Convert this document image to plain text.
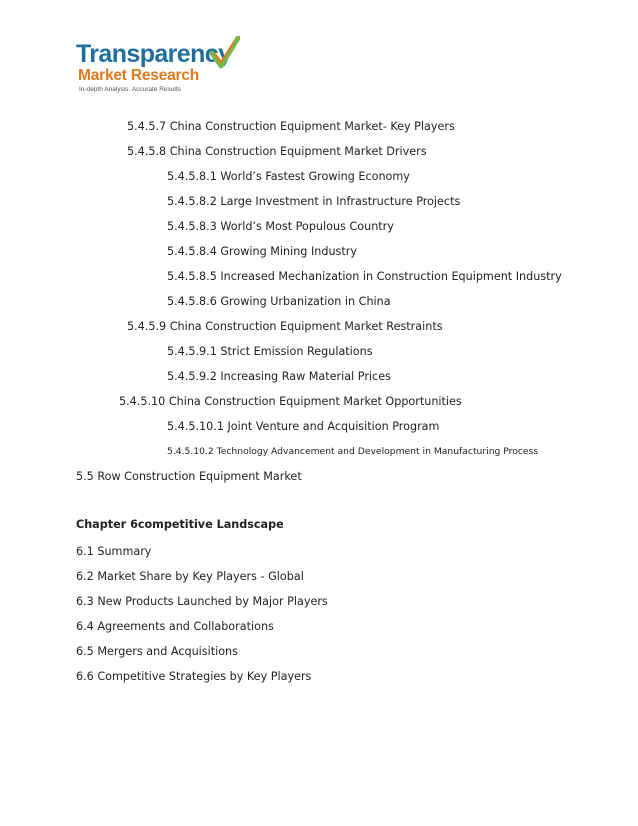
Transparency
Market Research
In-depth Analysis. Accurate Results
5.4.5.7 China Construction Equipment Market- Key Players
5.4.5.8 China Construction Equipment Market Drivers
5.4.5.8.1 World’s Fastest Growing Economy
5.4.5.8.2 Large Investment in Infrastructure Projects
5.4.5.8.3 World’s Most Populous Country
5.4.5.8.4 Growing Mining Industry
5.4.5.8.5 Increased Mechanization in Construction Equipment Industry
5.4.5.8.6 Growing Urbanization in China
5.4.5.9 China Construction Equipment Market Restraints
5.4.5.9.1 Strict Emission Regulations
5.4.5.9.2 Increasing Raw Material Prices
5.4.5.10 China Construction Equipment Market Opportunities
5.4.5.10.1 Joint Venture and Acquisition Program
5.4.5.10.2 Technology Advancement and Development in Manufacturing Process
5.5 Row Construction Equipment Market
Chapter 6competitive Landscape
6.1 Summary
6.2 Market Share by Key Players - Global
6.3 New Products Launched by Major Players
6.4 Agreements and Collaborations
6.5 Mergers and Acquisitions
6.6 Competitive Strategies by Key Players
